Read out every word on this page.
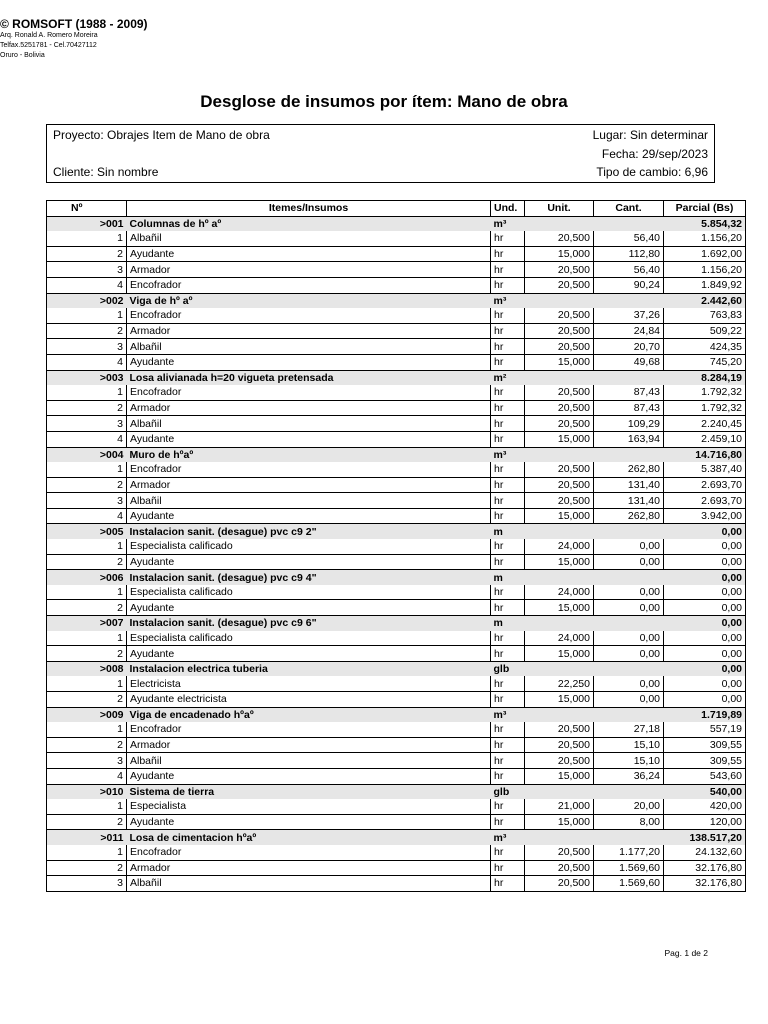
© ROMSOFT (1988 - 2009)
Arq. Ronald A. Romero Moreira
Telfax.5251781 - Cel.70427112
Oruro - Bolivia
Desglose de insumos por ítem: Mano de obra
Proyecto: Obrajes Item de Mano de obra
Cliente: Sin nombre
Lugar: Sin determinar
Fecha: 29/sep/2023
Tipo de cambio: 6,96
Nº	Itemes/Insumos	Und.	Unit.	Cant.	Parcial (Bs)
>001	Columnas de hº aº	m³			5.854,32
1	Albañil	hr	20,500	56,40	1.156,20
2	Ayudante	hr	15,000	112,80	1.692,00
3	Armador	hr	20,500	56,40	1.156,20
4	Encofrador	hr	20,500	90,24	1.849,92
>002	Viga de hº aº	m³			2.442,60
1	Encofrador	hr	20,500	37,26	763,83
2	Armador	hr	20,500	24,84	509,22
3	Albañil	hr	20,500	20,70	424,35
4	Ayudante	hr	15,000	49,68	745,20
>003	Losa alivianada h=20 vigueta pretensada	m²			8.284,19
1	Encofrador	hr	20,500	87,43	1.792,32
2	Armador	hr	20,500	87,43	1.792,32
3	Albañil	hr	20,500	109,29	2.240,45
4	Ayudante	hr	15,000	163,94	2.459,10
>004	Muro de hºaº	m³			14.716,80
1	Encofrador	hr	20,500	262,80	5.387,40
2	Armador	hr	20,500	131,40	2.693,70
3	Albañil	hr	20,500	131,40	2.693,70
4	Ayudante	hr	15,000	262,80	3.942,00
>005	Instalacion sanit. (desague) pvc c9 2"	m			0,00
1	Especialista calificado	hr	24,000	0,00	0,00
2	Ayudante	hr	15,000	0,00	0,00
>006	Instalacion sanit. (desague) pvc c9 4"	m			0,00
1	Especialista calificado	hr	24,000	0,00	0,00
2	Ayudante	hr	15,000	0,00	0,00
>007	Instalacion sanit. (desague) pvc c9 6"	m			0,00
1	Especialista calificado	hr	24,000	0,00	0,00
2	Ayudante	hr	15,000	0,00	0,00
>008	Instalacion electrica tuberia	glb			0,00
1	Electricista	hr	22,250	0,00	0,00
2	Ayudante electricista	hr	15,000	0,00	0,00
>009	Viga de encadenado hºaº	m³			1.719,89
1	Encofrador	hr	20,500	27,18	557,19
2	Armador	hr	20,500	15,10	309,55
3	Albañil	hr	20,500	15,10	309,55
4	Ayudante	hr	15,000	36,24	543,60
>010	Sistema de tierra	glb			540,00
1	Especialista	hr	21,000	20,00	420,00
2	Ayudante	hr	15,000	8,00	120,00
>011	Losa de cimentacion hºaº	m³			138.517,20
1	Encofrador	hr	20,500	1.177,20	24.132,60
2	Armador	hr	20,500	1.569,60	32.176,80
3	Albañil	hr	20,500	1.569,60	32.176,80
Pag. 1 de 2
